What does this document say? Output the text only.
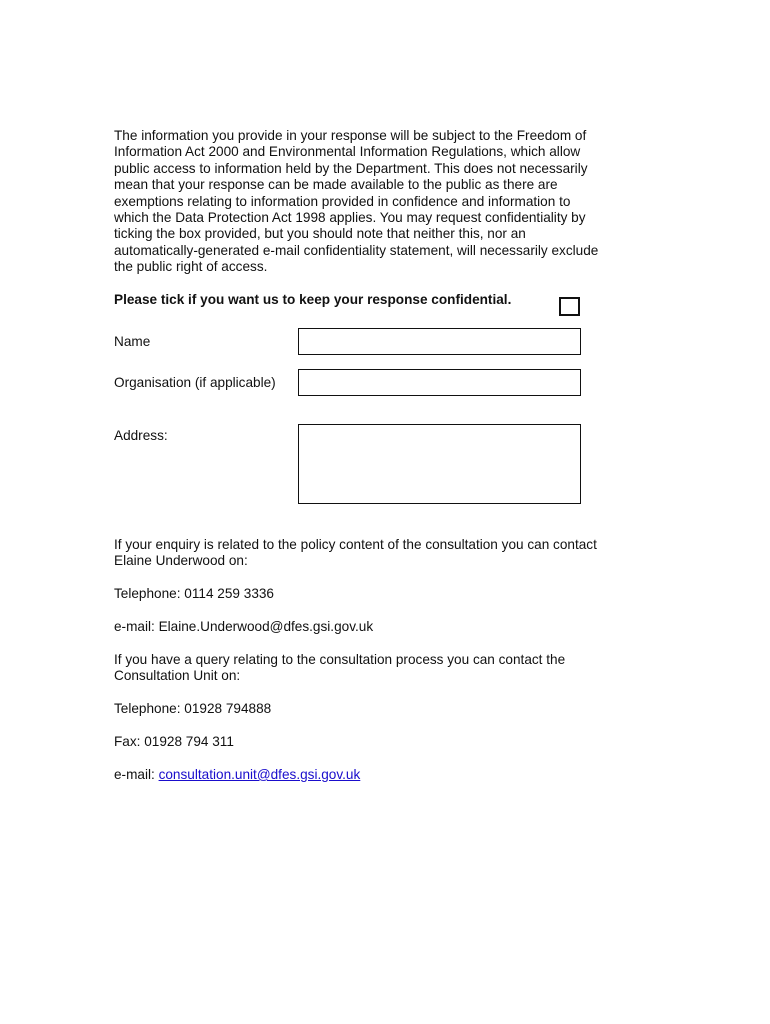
The information you provide in your response will be subject to the Freedom of
Information Act 2000 and Environmental Information Regulations, which allow
public access to information held by the Department. This does not necessarily
mean that your response can be made available to the public as there are
exemptions relating to information provided in confidence and information to
which the Data Protection Act 1998 applies. You may request confidentiality by
ticking the box provided, but you should note that neither this, nor an
automatically-generated e-mail confidentiality statement, will necessarily exclude
the public right of access.
Please tick if you want us to keep your response confidential.
Name
Organisation (if applicable)
Address:
If your enquiry is related to the policy content of the consultation you can contact
Elaine Underwood on:
Telephone: 0114 259 3336
e-mail: Elaine.Underwood@dfes.gsi.gov.uk
If you have a query relating to the consultation process you can contact the
Consultation Unit on:
Telephone: 01928 794888
Fax: 01928 794 311
e-mail: consultation.unit@dfes.gsi.gov.uk
